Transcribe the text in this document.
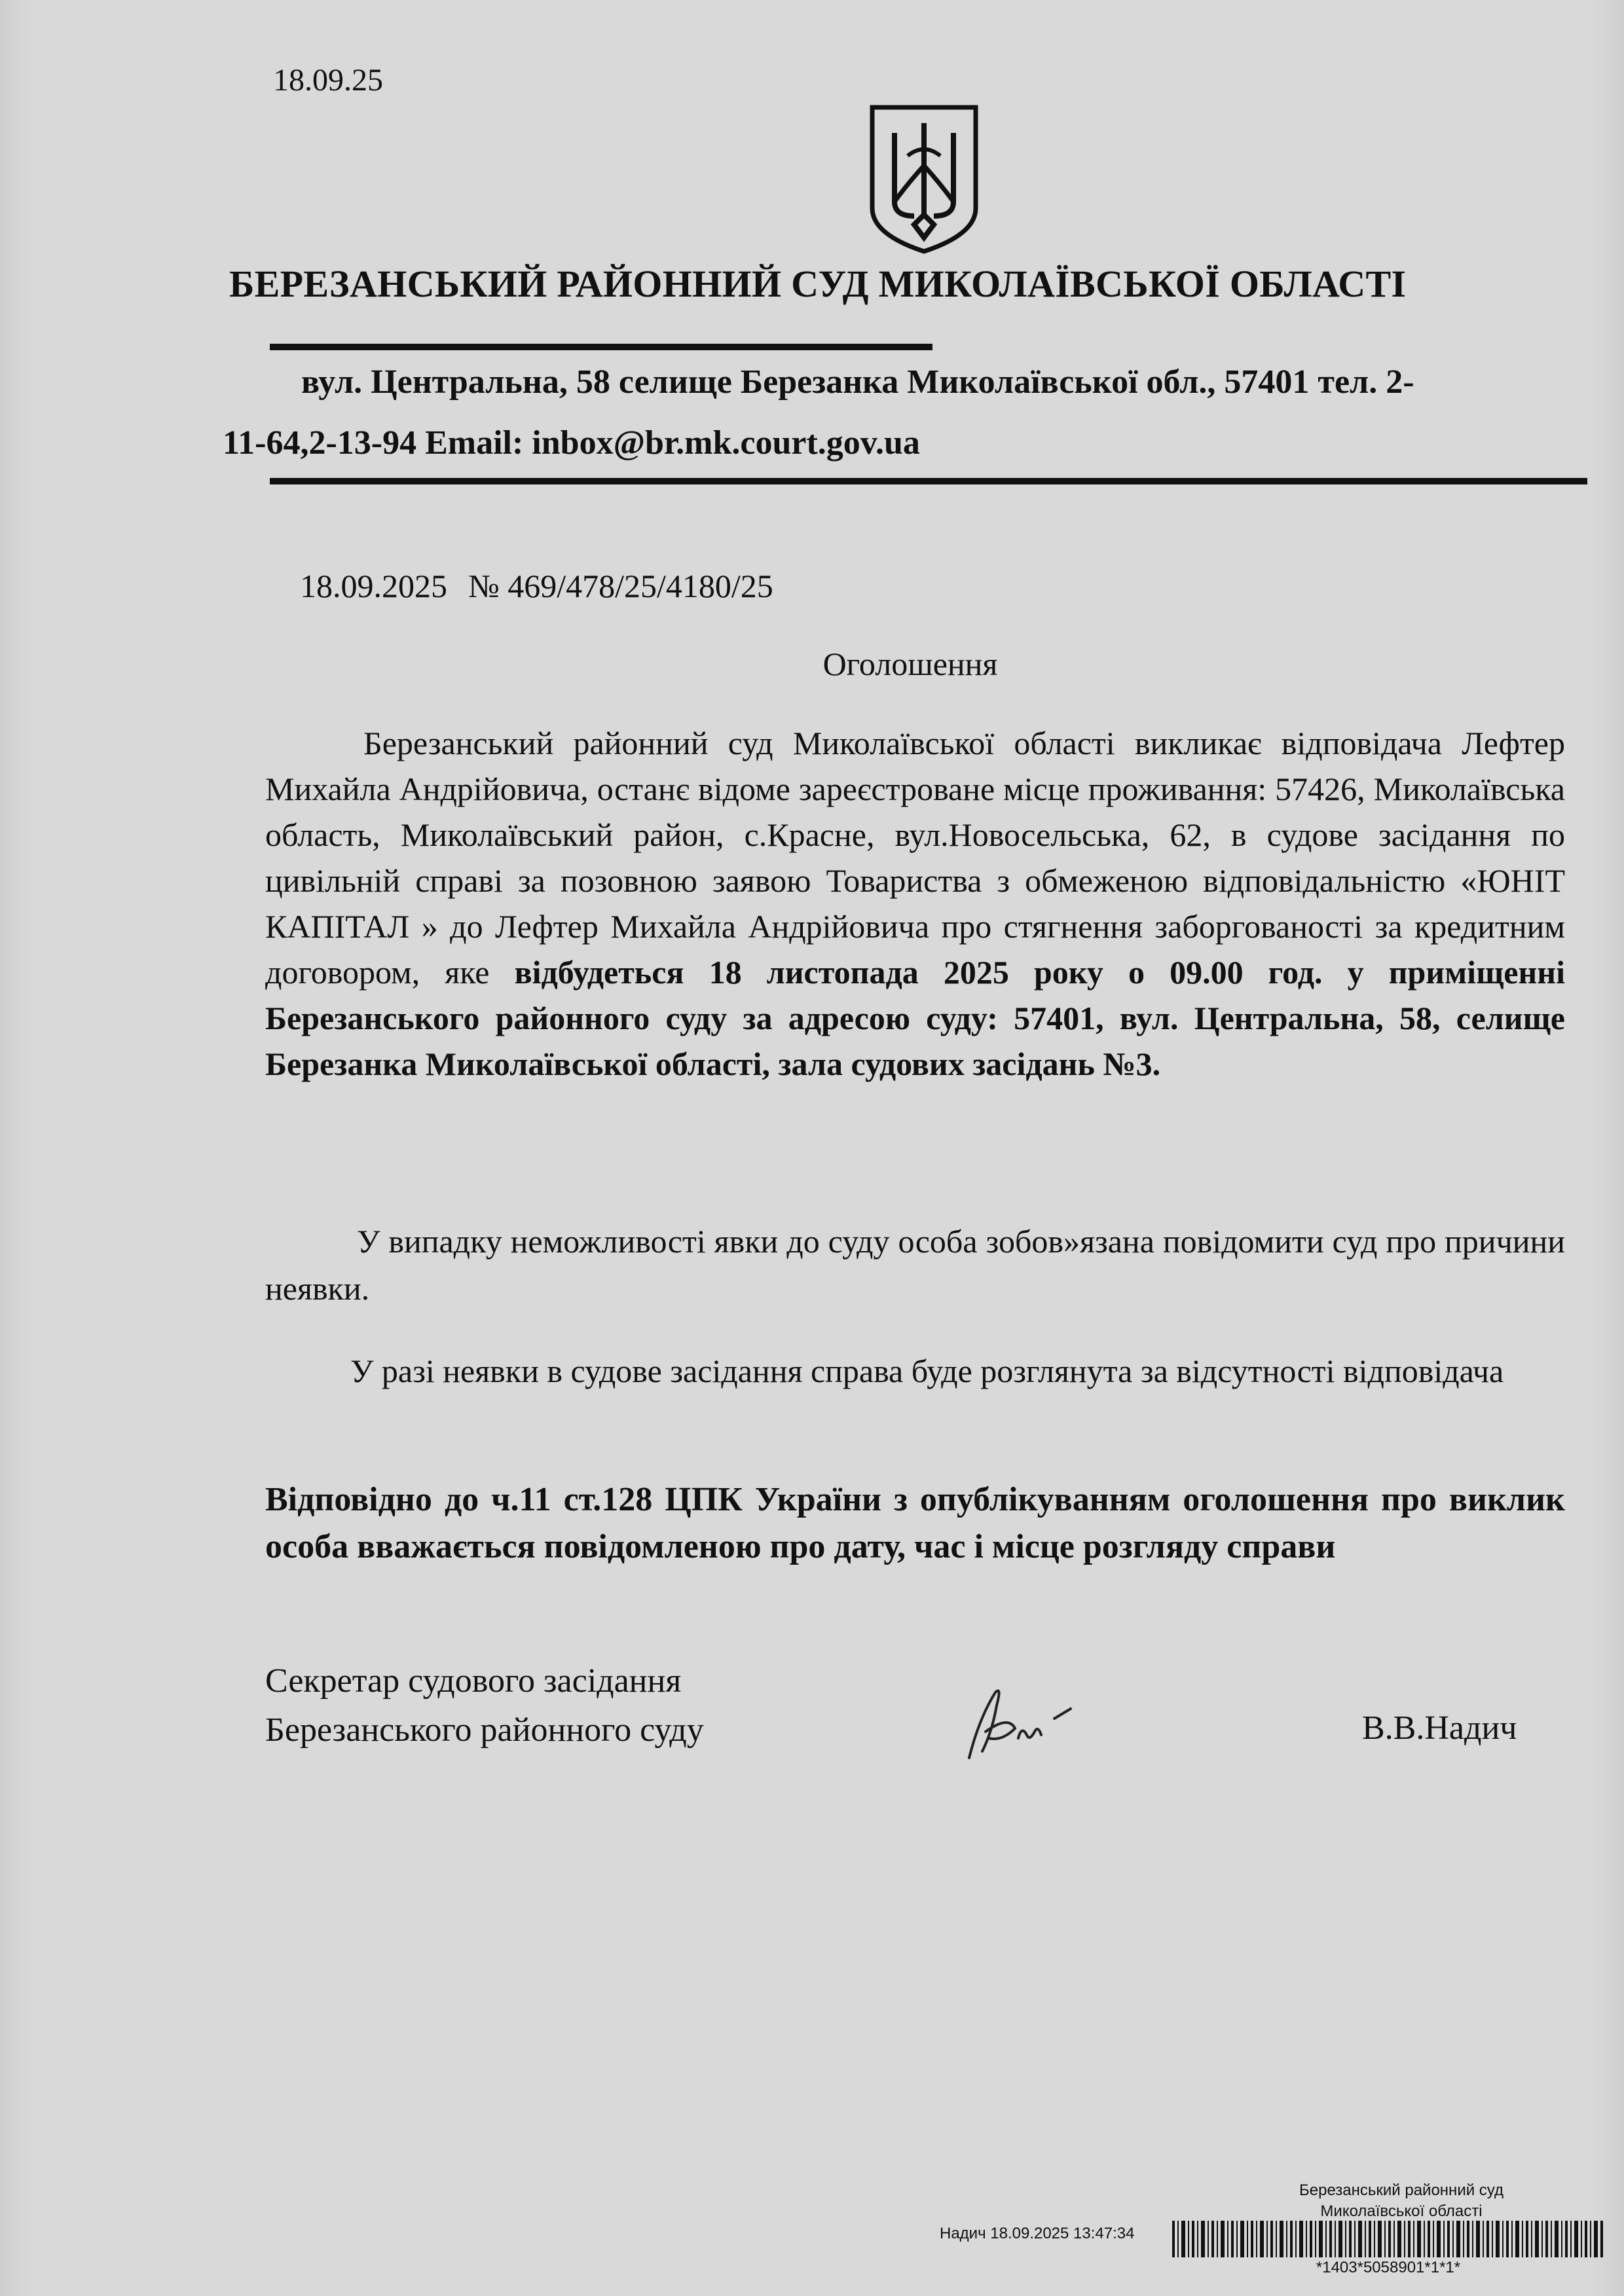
18.09.25
БЕРЕЗАНСЬКИЙ РАЙОННИЙ СУД МИКОЛАЇВСЬКОЇ ОБЛАСТІ
вул. Центральна, 58 селище Березанка Миколаївської обл., 57401 тел. 2-
11-64,2-13-94 Email: inbox@br.mk.court.gov.ua
18.09.2025 № 469/478/25/4180/25
Оголошення
Березанський районний суд Миколаївської області викликає відповідача Лефтер Михайла Андрійовича, останє відоме зареєстроване місце проживання: 57426, Миколаївська область, Миколаївський район, с.Красне, вул.Новосельська, 62, в судове засідання по цивільній справі за позовною заявою Товариства з обмеженою відповідальністю «ЮНІТ КАПІТАЛ » до Лефтер Михайла Андрійовича про стягнення заборгованості за кредитним договором, яке відбудеться 18 листопада 2025 року о 09.00 год. у приміщенні Березанського районного суду за адресою суду: 57401, вул. Центральна, 58, селище Березанка Миколаївської області, зала судових засідань №3.
У випадку неможливості явки до суду особа зобов»язана повідомити суд про причини неявки.
У разі неявки в судове засідання справа буде розглянута за відсутності відповідача
Відповідно до ч.11 ст.128 ЦПК України з опублікуванням оголошення про виклик особа вважається повідомленою про дату, час і місце розгляду справи
Секретар судового засідання
Березанського районного суду	В.В.Надич
Березанський районний суд
Миколаївської області
Надич 18.09.2025 13:47:34
*1403*5058901*1*1*
